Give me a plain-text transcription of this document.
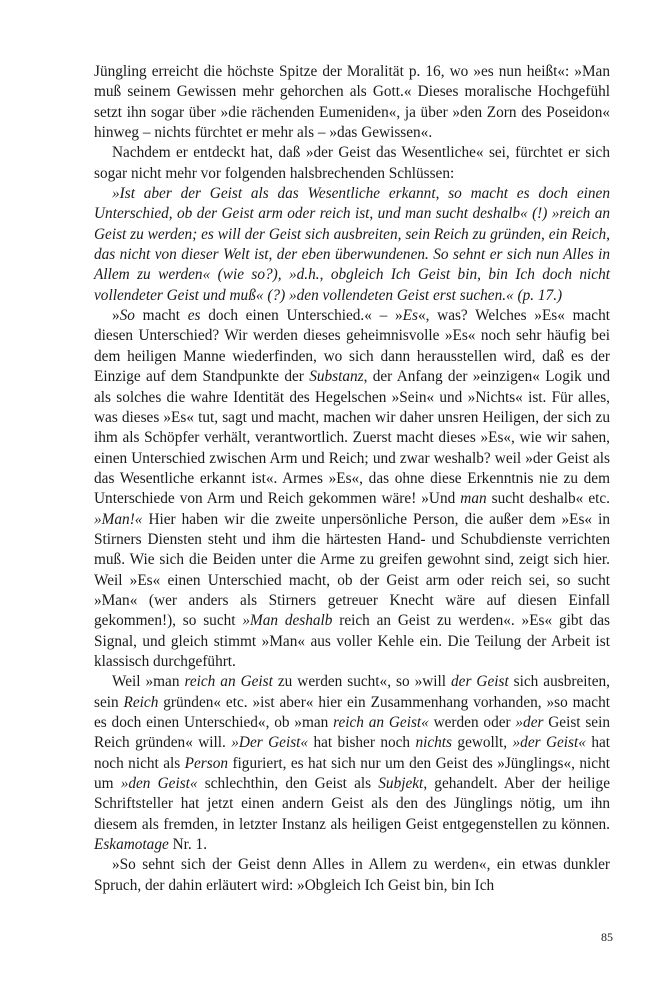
Jüngling erreicht die höchste Spitze der Moralität p. 16, wo »es nun heißt«: »Man muß seinem Gewissen mehr gehorchen als Gott.« Dieses moralische Hochgefühl setzt ihn sogar über »die rächenden Eumeniden«, ja über »den Zorn des Poseidon« hinweg – nichts fürchtet er mehr als – »das Gewissen«.

Nachdem er entdeckt hat, daß »der Geist das Wesentliche« sei, fürchtet er sich sogar nicht mehr vor folgenden halsbrechenden Schlüssen:

»Ist aber der Geist als das Wesentliche erkannt, so macht es doch einen Unterschied, ob der Geist arm oder reich ist, und man sucht deshalb« (!) »reich an Geist zu werden; es will der Geist sich ausbreiten, sein Reich zu gründen, ein Reich, das nicht von dieser Welt ist, der eben überwundenen. So sehnt er sich nun Alles in Allem zu werden« (wie so?), »d.h., obgleich Ich Geist bin, bin Ich doch nicht vollendeter Geist und muß« (?) »den vollendeten Geist erst suchen.« (p. 17.)

»So macht es doch einen Unterschied.« – »Es«, was? Welches »Es« macht diesen Unterschied? Wir werden dieses geheimnisvolle »Es« noch sehr häufig bei dem heiligen Manne wiederfinden, wo sich dann herausstellen wird, daß es der Einzige auf dem Standpunkte der Substanz, der Anfang der »einzigen« Logik und als solches die wahre Identität des Hegelschen »Sein« und »Nichts« ist. Für alles, was dieses »Es« tut, sagt und macht, machen wir daher unsren Heiligen, der sich zu ihm als Schöpfer verhält, verantwortlich. Zuerst macht dieses »Es«, wie wir sahen, einen Unterschied zwischen Arm und Reich; und zwar weshalb? weil »der Geist als das Wesentliche erkannt ist«. Armes »Es«, das ohne diese Erkenntnis nie zu dem Unterschiede von Arm und Reich gekommen wäre! »Und man sucht deshalb« etc. »Man!« Hier haben wir die zweite unpersönliche Person, die außer dem »Es« in Stirners Diensten steht und ihm die härtesten Hand- und Schubdienste verrichten muß. Wie sich die Beiden unter die Arme zu greifen gewohnt sind, zeigt sich hier. Weil »Es« einen Unterschied macht, ob der Geist arm oder reich sei, so sucht »Man« (wer anders als Stirners getreuer Knecht wäre auf diesen Einfall gekommen!), so sucht »Man deshalb reich an Geist zu werden«. »Es« gibt das Signal, und gleich stimmt »Man« aus voller Kehle ein. Die Teilung der Arbeit ist klassisch durchgeführt.

Weil »man reich an Geist zu werden sucht«, so »will der Geist sich ausbreiten, sein Reich gründen« etc. »ist aber« hier ein Zusammenhang vorhanden, »so macht es doch einen Unterschied«, ob »man reich an Geist« werden oder »der Geist sein Reich gründen« will. »Der Geist« hat bisher noch nichts gewollt, »der Geist« hat noch nicht als Person figuriert, es hat sich nur um den Geist des »Jünglings«, nicht um »den Geist« schlechthin, den Geist als Subjekt, gehandelt. Aber der heilige Schriftsteller hat jetzt einen andern Geist als den des Jünglings nötig, um ihn diesem als fremden, in letzter Instanz als heiligen Geist entgegenstellen zu können. Eskamotage Nr. 1.

»So sehnt sich der Geist denn Alles in Allem zu werden«, ein etwas dunkler Spruch, der dahin erläutert wird: »Obgleich Ich Geist bin, bin Ich

85
